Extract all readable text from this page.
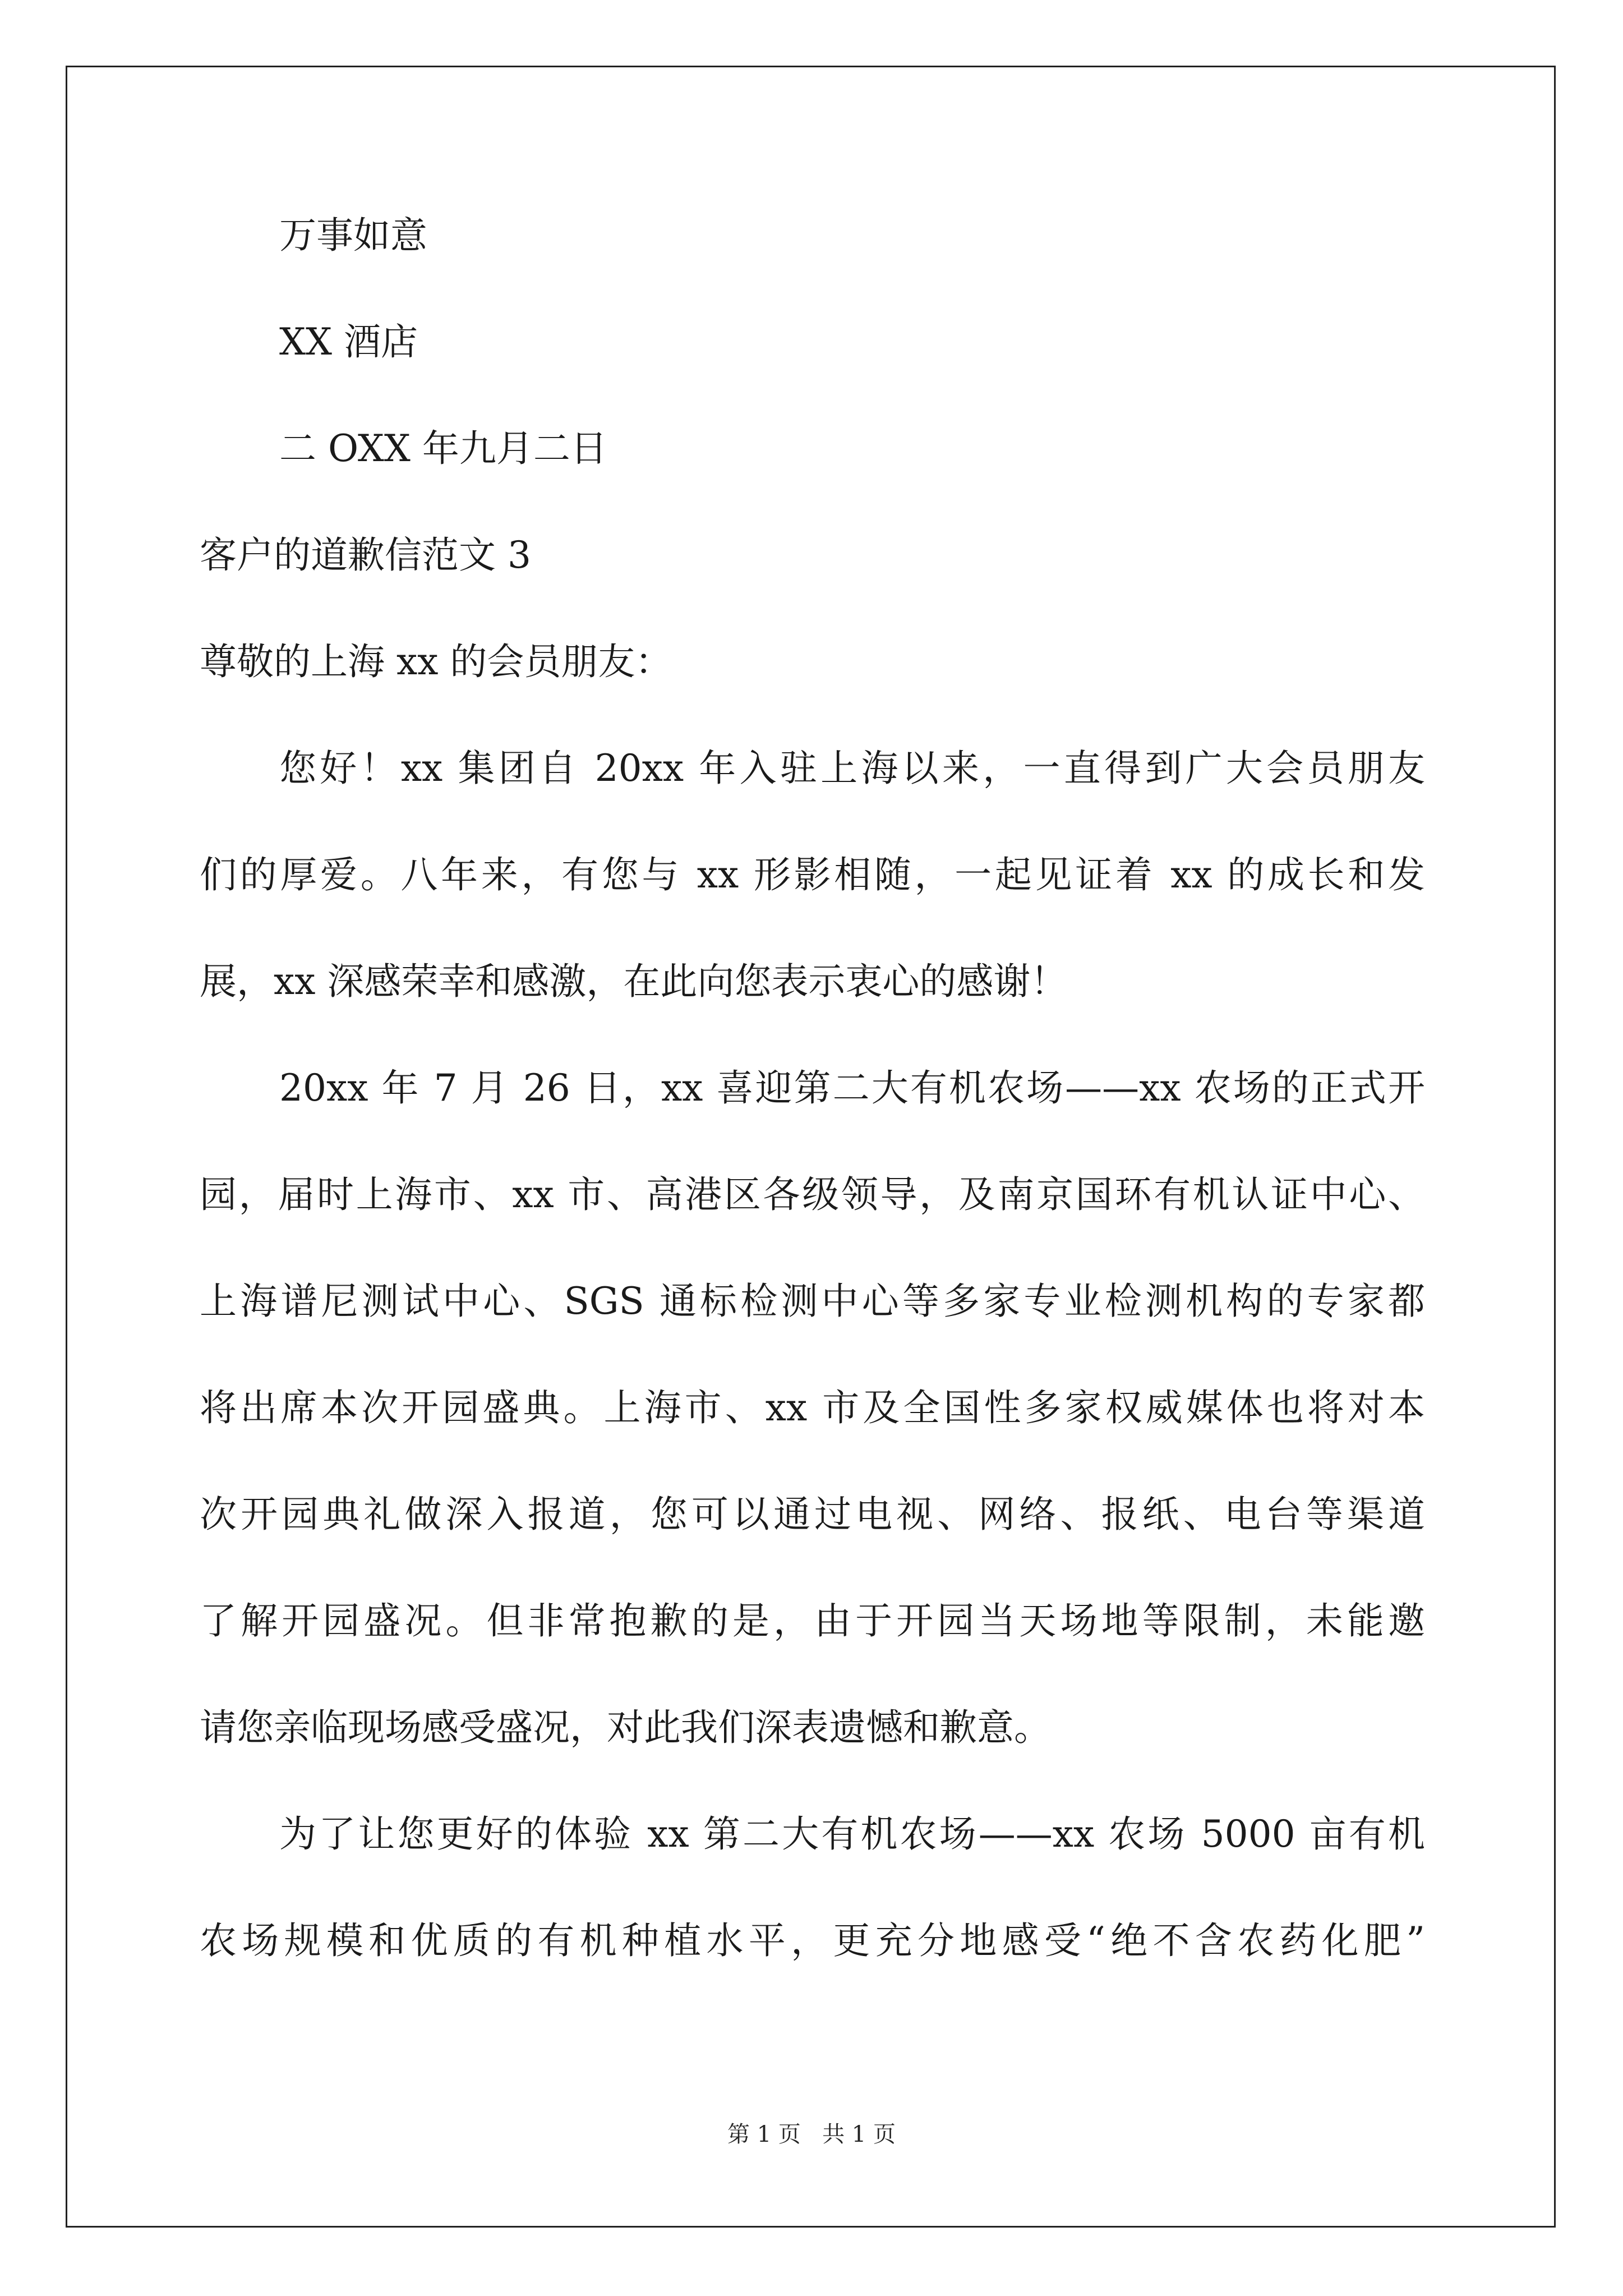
万事如意
XX 酒店
二 OXX 年九月二日
客户的道歉信范文 3
尊敬的上海 xx 的会员朋友：
您好！xx 集团自 20xx 年入驻上海以来，一直得到广大会员朋友
们的厚爱。八年来，有您与 xx 形影相随，一起见证着 xx 的成长和发
展，xx 深感荣幸和感激，在此向您表示衷心的感谢！
20xx 年 7 月 26 日，xx 喜迎第二大有机农场——xx 农场的正式开
园，届时上海市、xx 市、高港区各级领导，及南京国环有机认证中心、
上海谱尼测试中心、SGS 通标检测中心等多家专业检测机构的专家都
将出席本次开园盛典。上海市、xx 市及全国性多家权威媒体也将对本
次开园典礼做深入报道，您可以通过电视、网络、报纸、电台等渠道
了解开园盛况。但非常抱歉的是，由于开园当天场地等限制，未能邀
请您亲临现场感受盛况，对此我们深表遗憾和歉意。
为了让您更好的体验 xx 第二大有机农场——xx 农场 5000 亩有机
农场规模和优质的有机种植水平，更充分地感受“绝不含农药化肥”
第 1 页   共 1 页
